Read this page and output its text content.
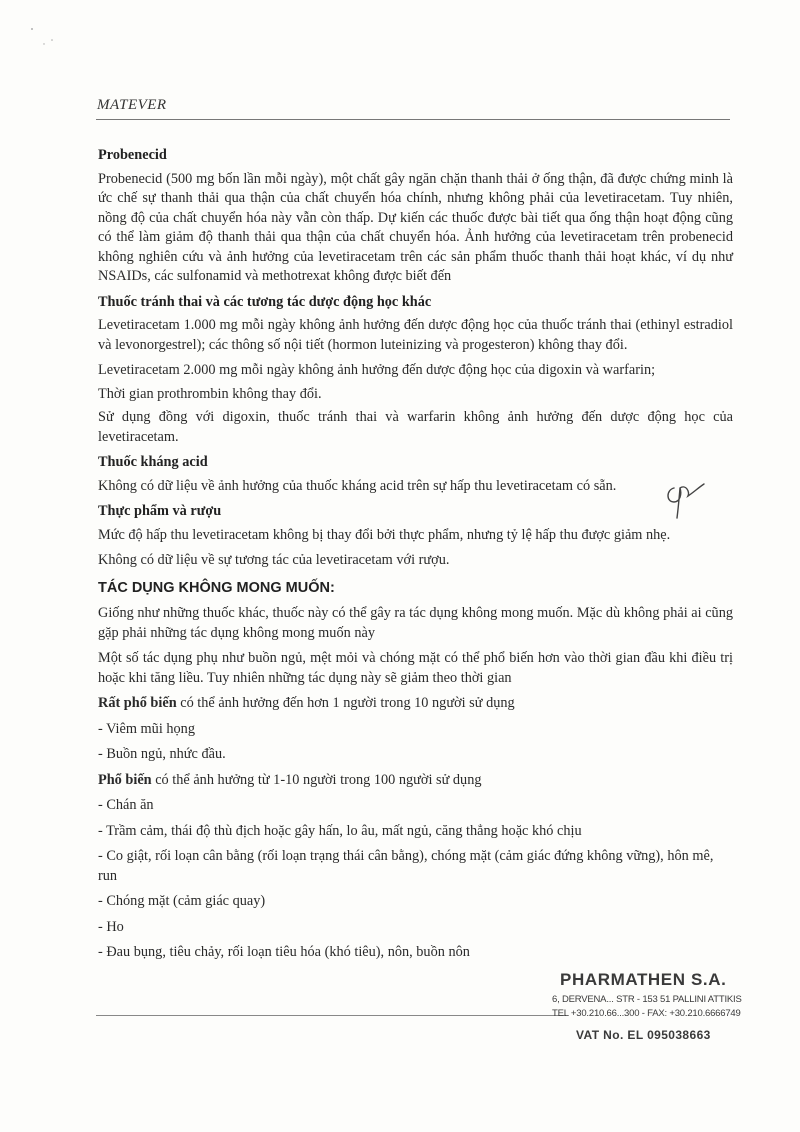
MATEVER
Probenecid

Probenecid (500 mg bốn lần mỗi ngày), một chất gây ngăn chặn thanh thải ở ống thận, đã được chứng minh là ức chế sự thanh thải qua thận của chất chuyển hóa chính, nhưng không phải của levetiracetam. Tuy nhiên, nồng độ của chất chuyển hóa này vẫn còn thấp. Dự kiến các thuốc được bài tiết qua ống thận hoạt động cũng có thể làm giảm độ thanh thải qua thận của chất chuyển hóa. Ảnh hưởng của levetiracetam trên probenecid không nghiên cứu và ảnh hưởng của levetiracetam trên các sản phẩm thuốc thanh thải hoạt khác, ví dụ như NSAIDs, các sulfonamid và methotrexat không được biết đến

Thuốc tránh thai và các tương tác dược động học khác

Levetiracetam 1.000 mg mỗi ngày không ảnh hưởng đến dược động học của thuốc tránh thai (ethinyl estradiol và levonorgestrel); các thông số nội tiết (hormon luteinizing và progesteron) không thay đổi.

Levetiracetam 2.000 mg mỗi ngày không ảnh hưởng đến dược động học của digoxin và warfarin;

Thời gian prothrombin không thay đổi.

Sử dụng đồng với digoxin, thuốc tránh thai và warfarin không ảnh hưởng đến dược động học của levetiracetam.

Thuốc kháng acid

Không có dữ liệu về ảnh hưởng của thuốc kháng acid trên sự hấp thu levetiracetam có sẵn.

Thực phẩm và rượu

Mức độ hấp thu levetiracetam không bị thay đổi bởi thực phẩm, nhưng tỷ lệ hấp thu được giảm nhẹ.

Không có dữ liệu về sự tương tác của levetiracetam với rượu.

TÁC DỤNG KHÔNG MONG MUỐN:

Giống như những thuốc khác, thuốc này có thể gây ra tác dụng không mong muốn. Mặc dù không phải ai cũng gặp phải những tác dụng không mong muốn này

Một số tác dụng phụ như buồn ngủ, mệt mỏi và chóng mặt có thể phổ biến hơn vào thời gian đầu khi điều trị hoặc khi tăng liều. Tuy nhiên những tác dụng này sẽ giảm theo thời gian

Rất phổ biến có thể ảnh hưởng đến hơn 1 người trong 10 người sử dụng

- Viêm mũi họng
- Buồn ngủ, nhức đầu.

Phổ biến có thể ảnh hưởng từ 1-10 người trong 100 người sử dụng

- Chán ăn
- Trầm cảm, thái độ thù địch hoặc gây hấn, lo âu, mất ngủ, căng thẳng hoặc khó chịu
- Co giật, rối loạn cân bằng (rối loạn trạng thái cân bằng), chóng mặt (cảm giác đứng không vững), hôn mê, run
- Chóng mặt (cảm giác quay)
- Ho
- Đau bụng, tiêu chảy, rối loạn tiêu hóa (khó tiêu), nôn, buồn nôn
PHARMATHEN S.A.
6, DERVENA... STR - 153 51 PALLINI ATTIKIS
TEL +30.210.66...300 - FAX: +30.210.6666749
VAT No. EL 095038663
